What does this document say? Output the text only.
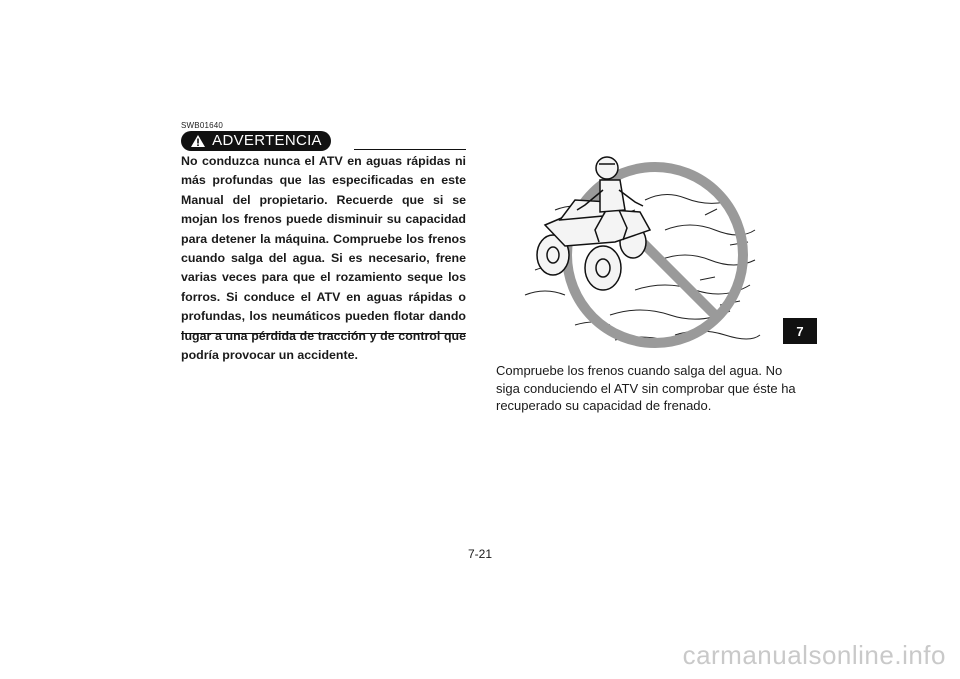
SWB01640
ADVERTENCIA
No conduzca nunca el ATV en aguas rápidas ni más profundas que las especificadas en este Manual del propietario. Recuerde que si se mojan los frenos puede disminuir su capacidad para detener la máquina. Compruebe los frenos cuando salga del agua. Si es necesario, frene varias veces para que el rozamiento seque los forros. Si conduce el ATV en aguas rápidas o profundas, los neumáticos pueden flotar dando lugar a una pérdida de tracción y de control que podría provocar un accidente.
Compruebe los frenos cuando salga del agua. No siga conduciendo el ATV sin comprobar que éste ha recuperado su capacidad de frenado.
7
7-21
carmanualsonline.info
